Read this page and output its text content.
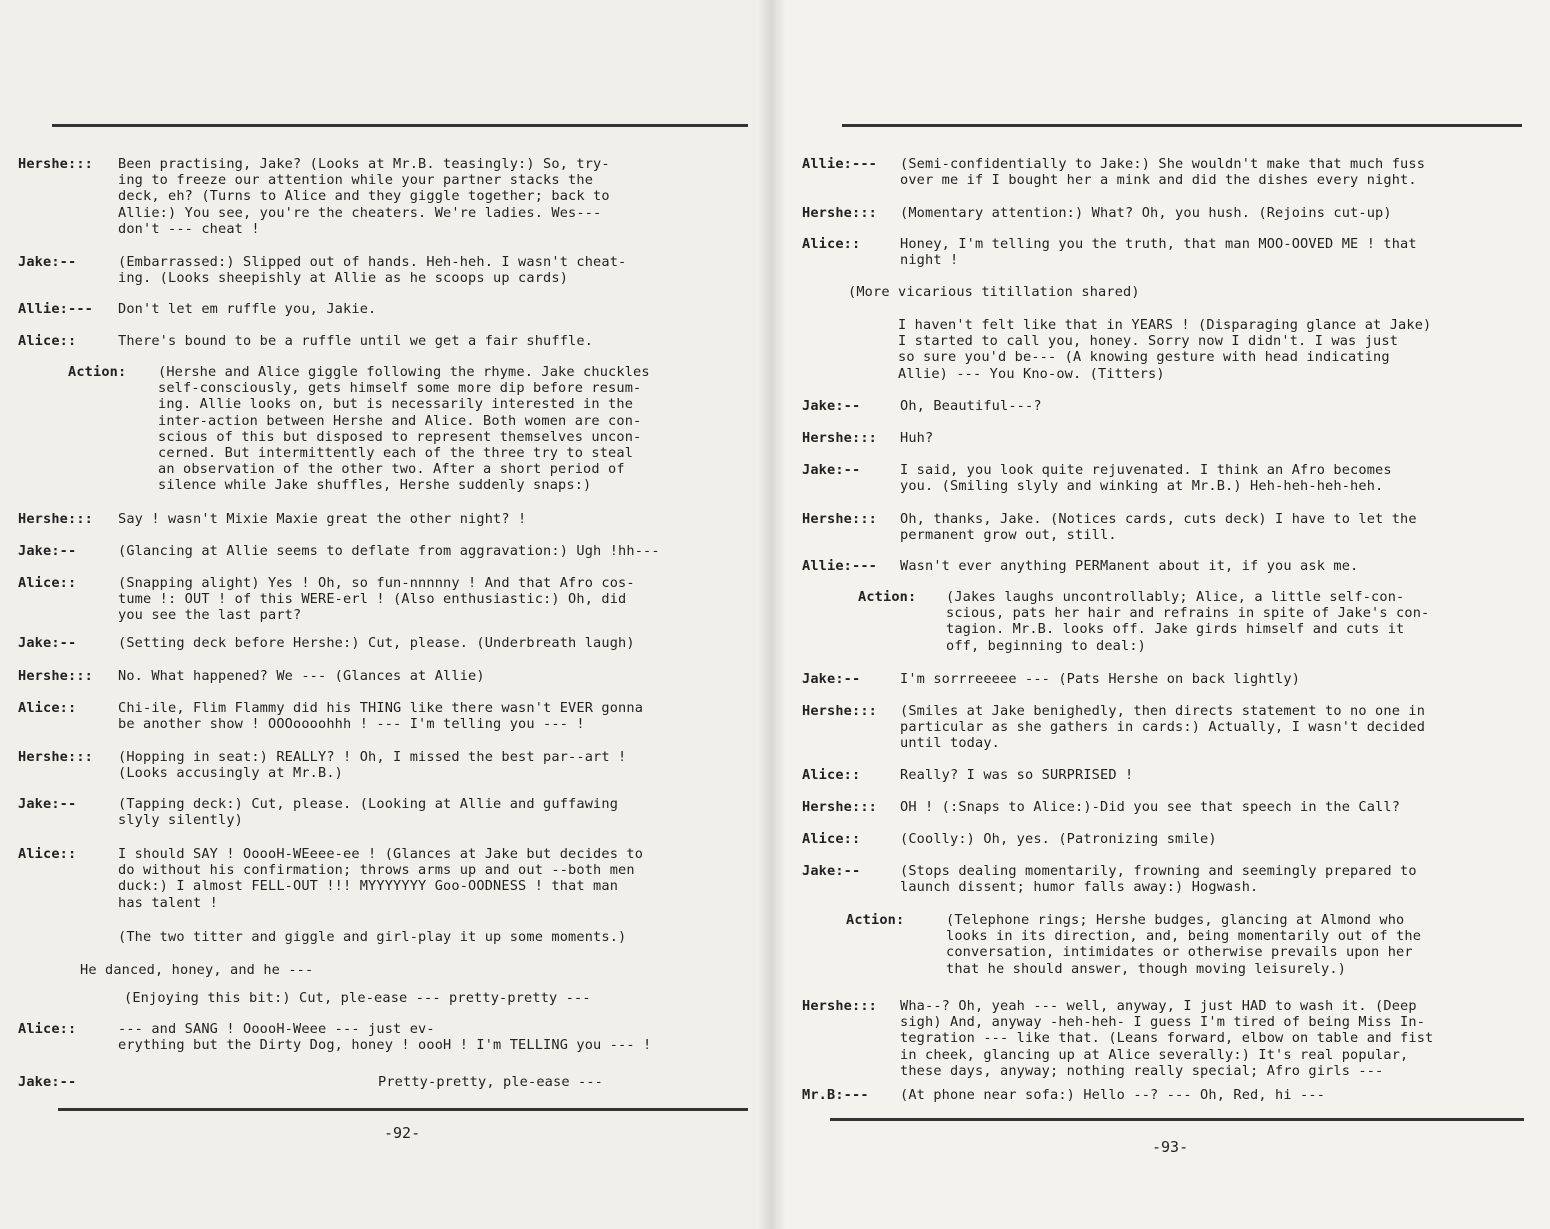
Hershe::: Been practising, Jake? (Looks at Mr.B. teasingly:) So, try-
ing to freeze our attention while your partner stacks the
deck, eh? (Turns to Alice and they giggle together; back to
Allie:) You see, you're the cheaters. We're ladies. Wes---
don't --- cheat !
Jake:--	(Embarrassed:) Slipped out of hands. Heh-heh. I wasn't cheat-
ing. (Looks sheepishly at Allie as he scoops up cards)
Allie:--- Don't let em ruffle you, Jakie.
Alice::	There's bound to be a ruffle until we get a fair shuffle.
Action: (Hershe and Alice giggle following the rhyme. Jake chuckles
self-consciously, gets himself some more dip before resum-
ing. Allie looks on, but is necessarily interested in the
inter-action between Hershe and Alice. Both women are con-
scious of this but disposed to represent themselves uncon-
cerned. But intermittently each of the three try to steal
an observation of the other two. After a short period of
silence while Jake shuffles, Hershe suddenly snaps:)
Hershe::: Say ! wasn't Mixie Maxie great the other night? !
Jake:--	(Glancing at Allie seems to deflate from aggravation:) Ugh !hh---
Alice::	(Snapping alight) Yes ! Oh, so fun-nnnnny ! And that Afro cos-
tume !: OUT ! of this WERE-erl ! (Also enthusiastic:) Oh, did
you see the last part?
Jake:--	(Setting deck before Hershe:) Cut, please. (Underbreath laugh)
Hershe::: No. What happened? We --- (Glances at Allie)
Alice::	Chi-ile, Flim Flammy did his THING like there wasn't EVER gonna
be another show ! OOOoooohhh ! --- I'm telling you --- !
Hershe::: (Hopping in seat:) REALLY? ! Oh, I missed the best par--art !
(Looks accusingly at Mr.B.)
Jake:--	(Tapping deck:) Cut, please. (Looking at Allie and guffawing
slyly silently)
Alice::	I should SAY ! OoooH-WEeee-ee ! (Glances at Jake but decides to
do without his confirmation; throws arms up and out --both men
duck:) I almost FELL-OUT !!! MYYYYYYY Goo-OODNESS ! that man
has talent !
(The two titter and giggle and girl-play it up some moments.)
He danced, honey, and he ---
(Enjoying this bit:) Cut, ple-ease --- pretty-pretty ---
Alice::	--- and SANG ! OoooH-Weee --- just ev-
erything but the Dirty Dog, honey ! oooH ! I'm TELLING you --- !
Jake:--	Pretty-pretty, ple-ease ---
-92-
Allie:--- (Semi-confidentially to Jake:) She wouldn't make that much fuss
over me if I bought her a mink and did the dishes every night.
Hershe::: (Momentary attention:) What? Oh, you hush. (Rejoins cut-up)
Alice::	Honey, I'm telling you the truth, that man MOO-OOVED ME ! that
night !
(More vicarious titillation shared)
I haven't felt like that in YEARS ! (Disparaging glance at Jake)
I started to call you, honey. Sorry now I didn't. I was just
so sure you'd be--- (A knowing gesture with head indicating
Allie) --- You Kno-ow. (Titters)
Jake:--	Oh, Beautiful---?
Hershe::: Huh?
Jake:--	I said, you look quite rejuvenated. I think an Afro becomes
you. (Smiling slyly and winking at Mr.B.) Heh-heh-heh-heh.
Hershe::: Oh, thanks, Jake. (Notices cards, cuts deck) I have to let the
permanent grow out, still.
Allie:--- Wasn't ever anything PERManent about it, if you ask me.
Action: (Jakes laughs uncontrollably; Alice, a little self-con-
scious, pats her hair and refrains in spite of Jake's con-
tagion. Mr.B. looks off. Jake girds himself and cuts it
off, beginning to deal:)
Jake:--	I'm sorrreeeee --- (Pats Hershe on back lightly)
Hershe::: (Smiles at Jake benighedly, then directs statement to no one in
particular as she gathers in cards:) Actually, I wasn't decided
until today.
Alice::	Really? I was so SURPRISED !
Hershe::: OH ! (:Snaps to Alice:)-Did you see that speech in the Call?
Alice::	(Coolly:) Oh, yes. (Patronizing smile)
Jake:--	(Stops dealing momentarily, frowning and seemingly prepared to
launch dissent; humor falls away:) Hogwash.
Action:	(Telephone rings; Hershe budges, glancing at Almond who
looks in its direction, and, being momentarily out of the
conversation, intimidates or otherwise prevails upon her
that he should answer, though moving leisurely.)
Hershe::: Wha--? Oh, yeah --- well, anyway, I just HAD to wash it. (Deep
sigh) And, anyway -heh-heh- I guess I'm tired of being Miss In-
tegration --- like that. (Leans forward, elbow on table and fist
in cheek, glancing up at Alice severally:) It's real popular,
these days, anyway; nothing really special; Afro girls ---
Mr.B:--- (At phone near sofa:) Hello --? --- Oh, Red, hi ---
-93-
